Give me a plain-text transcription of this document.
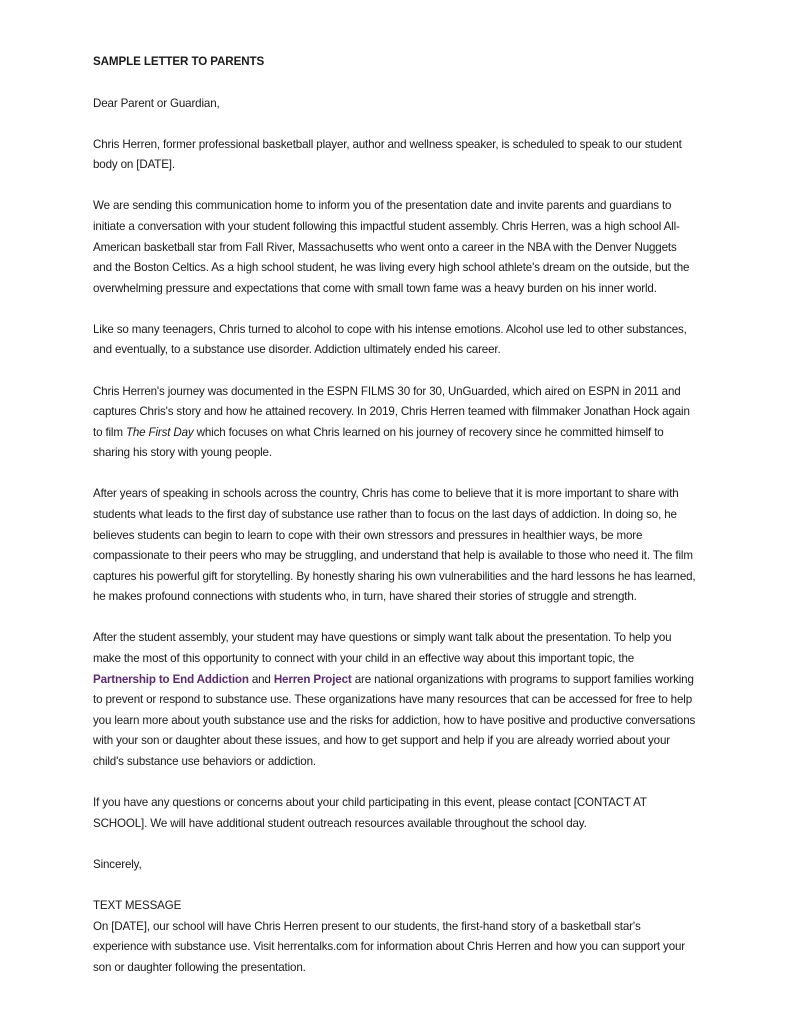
SAMPLE LETTER TO PARENTS

Dear Parent or Guardian,

Chris Herren, former professional basketball player, author and wellness speaker, is scheduled to speak to our student body on [DATE].

We are sending this communication home to inform you of the presentation date and invite parents and guardians to initiate a conversation with your student following this impactful student assembly. Chris Herren, was a high school All-American basketball star from Fall River, Massachusetts who went onto a career in the NBA with the Denver Nuggets and the Boston Celtics. As a high school student, he was living every high school athlete's dream on the outside, but the overwhelming pressure and expectations that come with small town fame was a heavy burden on his inner world.

Like so many teenagers, Chris turned to alcohol to cope with his intense emotions. Alcohol use led to other substances, and eventually, to a substance use disorder. Addiction ultimately ended his career.

Chris Herren's journey was documented in the ESPN FILMS 30 for 30, UnGuarded, which aired on ESPN in 2011 and captures Chris's story and how he attained recovery. In 2019, Chris Herren teamed with filmmaker Jonathan Hock again to film The First Day which focuses on what Chris learned on his journey of recovery since he committed himself to sharing his story with young people.

After years of speaking in schools across the country, Chris has come to believe that it is more important to share with students what leads to the first day of substance use rather than to focus on the last days of addiction. In doing so, he believes students can begin to learn to cope with their own stressors and pressures in healthier ways, be more compassionate to their peers who may be struggling, and understand that help is available to those who need it. The film captures his powerful gift for storytelling. By honestly sharing his own vulnerabilities and the hard lessons he has learned, he makes profound connections with students who, in turn, have shared their stories of struggle and strength.

After the student assembly, your student may have questions or simply want talk about the presentation. To help you make the most of this opportunity to connect with your child in an effective way about this important topic, the Partnership to End Addiction and Herren Project are national organizations with programs to support families working to prevent or respond to substance use. These organizations have many resources that can be accessed for free to help you learn more about youth substance use and the risks for addiction, how to have positive and productive conversations with your son or daughter about these issues, and how to get support and help if you are already worried about your child's substance use behaviors or addiction.

If you have any questions or concerns about your child participating in this event, please contact [CONTACT AT SCHOOL]. We will have additional student outreach resources available throughout the school day.

Sincerely,

TEXT MESSAGE

On [DATE], our school will have Chris Herren present to our students, the first-hand story of a basketball star's experience with substance use. Visit herrentalks.com for information about Chris Herren and how you can support your son or daughter following the presentation.
